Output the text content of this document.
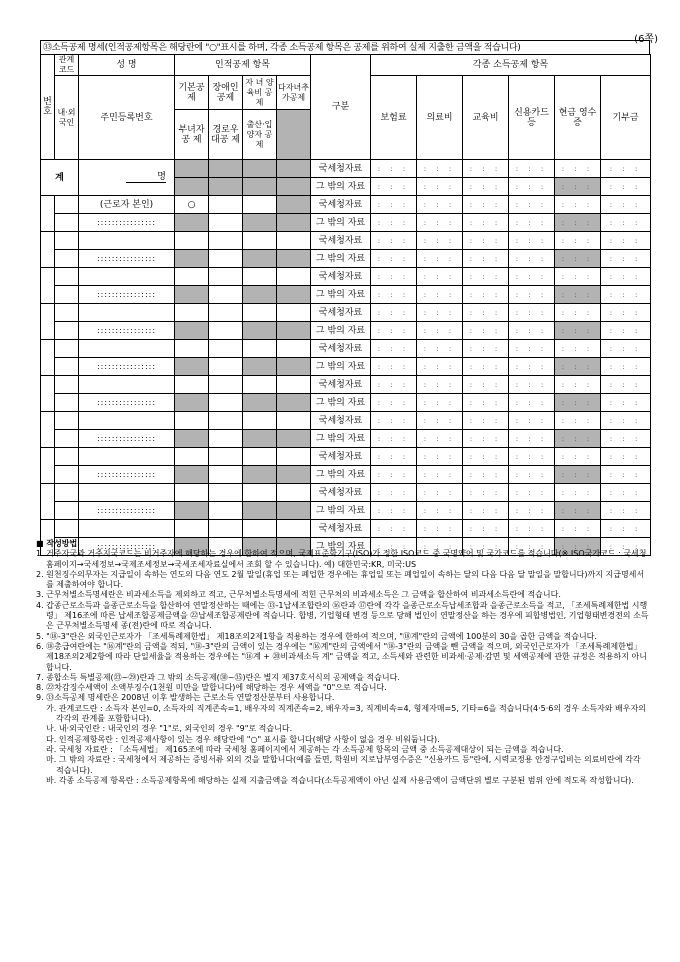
(6쪽)
㉝소득공제 명세(인적공제항목은 해당란에 "○"표시를 하며, 각종 소득공제 항목은 공제를 위하여 실제 지출한 금액을 적습니다)
번호	관계코드	성 명	인적공제 항목				구분	각종 소득공제 항목					
	내·외국인	주민등록번호	기본공제	장애인공제	자 녀 양육비 공제	다자녀추가공제		보험료	의료비	교육비	신용카드 등	현금 영수증	기부금
			부녀자공 제	경로우대공 제	출산·입양자 공제								
계		명					국세청자료	: : :	: : :	: : :	: : :	: : :	: : :
							그 밖의 자료	: : :	: : :	: : :	: : :	: : :	: : :
		(근로자 본인)	○				국세청자료	: : :	: : :	: : :	: : :	: : :	: : :
		::::::::::::::::					그 밖의 자료	: : :	: : :	: : :	: : :	: : :	: : :
							국세청자료	: : :	: : :	: : :	: : :	: : :	: : :
		::::::::::::::::					그 밖의 자료	: : :	: : :	: : :	: : :	: : :	: : :
							국세청자료	: : :	: : :	: : :	: : :	: : :	: : :
		::::::::::::::::					그 밖의 자료	: : :	: : :	: : :	: : :	: : :	: : :
							국세청자료	: : :	: : :	: : :	: : :	: : :	: : :
		::::::::::::::::					그 밖의 자료	: : :	: : :	: : :	: : :	: : :	: : :
							국세청자료	: : :	: : :	: : :	: : :	: : :	: : :
		::::::::::::::::					그 밖의 자료	: : :	: : :	: : :	: : :	: : :	: : :
							국세청자료	: : :	: : :	: : :	: : :	: : :	: : :
		::::::::::::::::					그 밖의 자료	: : :	: : :	: : :	: : :	: : :	: : :
							국세청자료	: : :	: : :	: : :	: : :	: : :	: : :
		::::::::::::::::					그 밖의 자료	: : :	: : :	: : :	: : :	: : :	: : :
							국세청자료	: : :	: : :	: : :	: : :	: : :	: : :
		::::::::::::::::					그 밖의 자료	: : :	: : :	: : :	: : :	: : :	: : :
							국세청자료	: : :	: : :	: : :	: : :	: : :	: : :
		::::::::::::::::					그 밖의 자료	: : :	: : :	: : :	: : :	: : :	: : :
							국세청자료	: : :	: : :	: : :	: : :	: : :	: : :
		::::::::::::::::					그 밖의 자료	: : :	: : :	: : :	: : :	: : :	: : :
■ 작성방법

1. 거주자국과 거주지국코드는 비거주자에 해당하는 경우에 한하여 적으며, 국제표준화기구(ISO)가 정한 ISO코드 중 국명약어 및 국가코드를 적습니다(※ ISO국가코드 : 국세청홈페이지→국세정보→국제조세정보→국세조세자료실에서 조회 할 수 있습니다). 예) 대한민국:KR, 미국:US

2. 원천징수의무자는 지급일이 속하는 연도의 다음 연도 2월 말일(휴업 또는 폐업한 경우에는 휴업일 또는 폐업일이 속하는 달의 다음 다음 달 말일을 말합니다)까지 지급명세서를 제출하여야 합니다.

3. 근무처별소득명세란은 비과세소득을 제외하고 적고, 근무처별소득명세에 적힌 근무처의 비과세소득은 그 금액을 합산하여 비과세소득란에 적습니다.

4. 갑종근로소득과 을종근로소득을 합산하여 연말정산하는 때에는 ⑬-1납세조합란의 ⑯란과 ⑰란에 각각 을종근로소득납세조합과 을종근로소득을 적고, 「조세특례제한법 시행령」 제16조에 따른 납세조합공제금액을 ㉒납세조합공제란에 적습니다. 합병, 기업형태 변경 등으로 당해 법인이 연말정산을 하는 경우에 피합병법인, 기업형태변경전의 소득은 근무처별소득명세 종(전)란에 따로 적습니다.

5. "⑱-3"란은 외국인근로자가 「조세특례제한법」 제18조의2제1항을 적용하는 경우에 한하여 적으며, "⑱계"란의 금액에 100분의 30을 곱한 금액을 적습니다.

6. ⑱총급여란에는 "⑯계"란의 금액을 적되, "⑱-3"란의 금액이 있는 경우에는 "⑯계"란의 금액에서 "⑱-3"란의 금액을 뺀 금액을 적으며, 외국인근로자가 「조세특례제한법」 제18조의2제2항에 따라 단일세율을 적용하는 경우에는 "⑯계 + ⑳비과세소득 계" 금액을 적고, 소득세와 관련한 비과세·공제·감면 및 세액공제에 관한 규정은 적용하지 아니합니다.

7. 종합소득 특별공제(㉓~㉙)란과 그 밖의 소득공제(㉚~㉟)란은 별지 제37호서식의 공제액을 적습니다.

8. ㉒차감징수세액이 소액부징수(1천원 미만을 말합니다)에 해당하는 경우 세액을 "0"으로 적습니다.

9. ㉝소득공제 명세란은 2008년 이후 발생하는 근로소득 연말정산분부터 사용합니다.

가. 관계코드란 : 소득자 본인=0, 소득자의 직계존속=1, 배우자의 직계존속=2, 배우자=3, 직계비속=4, 형제자매=5, 기타=6을 적습니다(4·5·6의 경우 소득자와 배우자의 각각의 관계를 포함합니다).

나. 내·외국인란 : 내국인의 경우 "1"로, 외국인의 경우 "9"로 적습니다.

다. 인적공제항목란 : 인적공제사항이 있는 경우 해당란에 "○" 표시를 합니다(해당 사항이 없을 경우 비워둡니다).

라. 국세청 자료란 : 「소득세법」 제165조에 따라 국세청 홈페이지에서 제공하는 각 소득공제 항목의 금액 중 소득공제대상이 되는 금액을 적습니다.

마. 그 밖의 자료란 : 국세청에서 제공하는 증빙서류 외의 것을 말합니다(예를 들면, 학원비 지로납부영수증은 "신용카드 등"란에, 시력교정용 안경구입비는 의료비란에 각각 적습니다).

바. 각종 소득공제 항목란 : 소득공제항목에 해당하는 실제 지출금액을 적습니다(소득공제액이 아닌 실제 사용금액이 금액단위 별로 구분된 범위 안에 적도록 작성합니다).
